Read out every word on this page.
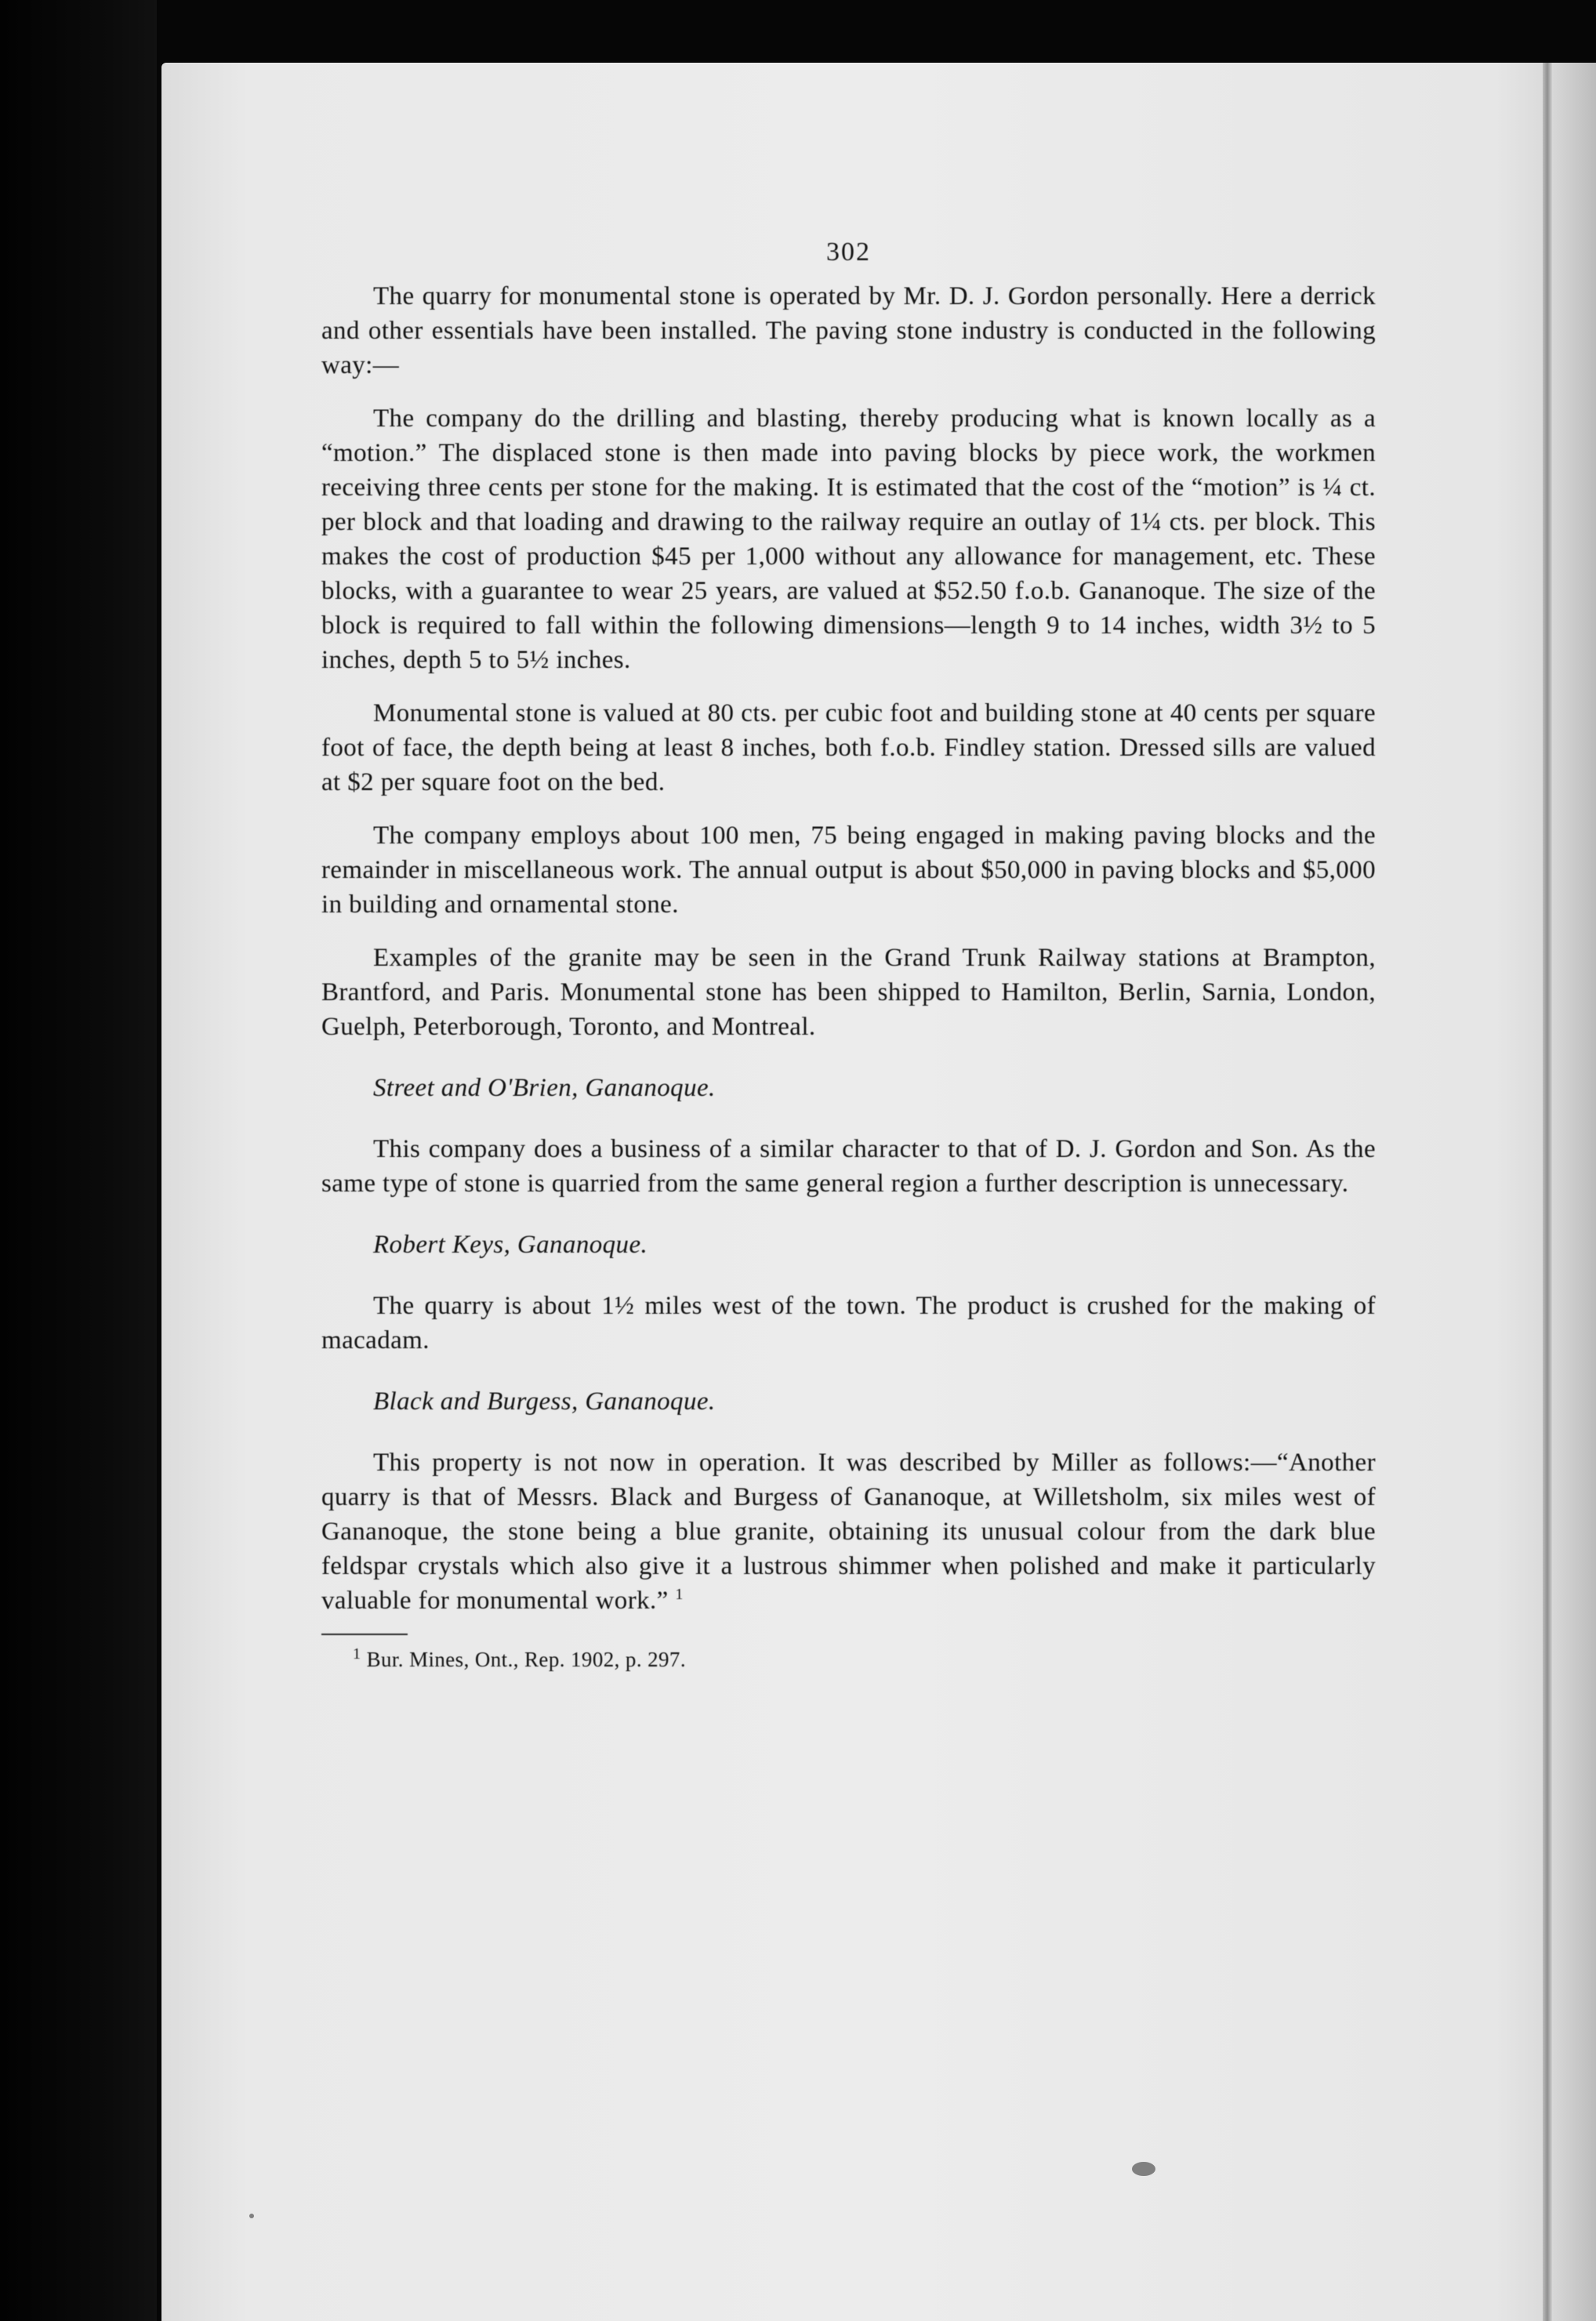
302

The quarry for monumental stone is operated by Mr. D. J. Gordon personally. Here a derrick and other essentials have been installed. The paving stone industry is conducted in the following way:—

The company do the drilling and blasting, thereby producing what is known locally as a “motion.” The displaced stone is then made into paving blocks by piece work, the workmen receiving three cents per stone for the making. It is estimated that the cost of the “motion” is ¼ ct. per block and that loading and drawing to the railway require an outlay of 1¼ cts. per block. This makes the cost of production $45 per 1,000 without any allowance for management, etc. These blocks, with a guarantee to wear 25 years, are valued at $52.50 f.o.b. Gananoque. The size of the block is required to fall within the following dimensions—length 9 to 14 inches, width 3½ to 5 inches, depth 5 to 5½ inches.

Monumental stone is valued at 80 cts. per cubic foot and building stone at 40 cents per square foot of face, the depth being at least 8 inches, both f.o.b. Findley station. Dressed sills are valued at $2 per square foot on the bed.

The company employs about 100 men, 75 being engaged in making paving blocks and the remainder in miscellaneous work. The annual output is about $50,000 in paving blocks and $5,000 in building and ornamental stone.

Examples of the granite may be seen in the Grand Trunk Railway stations at Brampton, Brantford, and Paris. Monumental stone has been shipped to Hamilton, Berlin, Sarnia, London, Guelph, Peterborough, Toronto, and Montreal.

Street and O'Brien, Gananoque.

This company does a business of a similar character to that of D. J. Gordon and Son. As the same type of stone is quarried from the same general region a further description is unnecessary.

Robert Keys, Gananoque.

The quarry is about 1½ miles west of the town. The product is crushed for the making of macadam.

Black and Burgess, Gananoque.

This property is not now in operation. It was described by Miller as follows:—“Another quarry is that of Messrs. Black and Burgess of Gananoque, at Willetsholm, six miles west of Gananoque, the stone being a blue granite, obtaining its unusual colour from the dark blue feldspar crystals which also give it a lustrous shimmer when polished and make it particularly valuable for monumental work.” $^1$

$^1$ Bur. Mines, Ont., Rep. 1902, p. 297.
